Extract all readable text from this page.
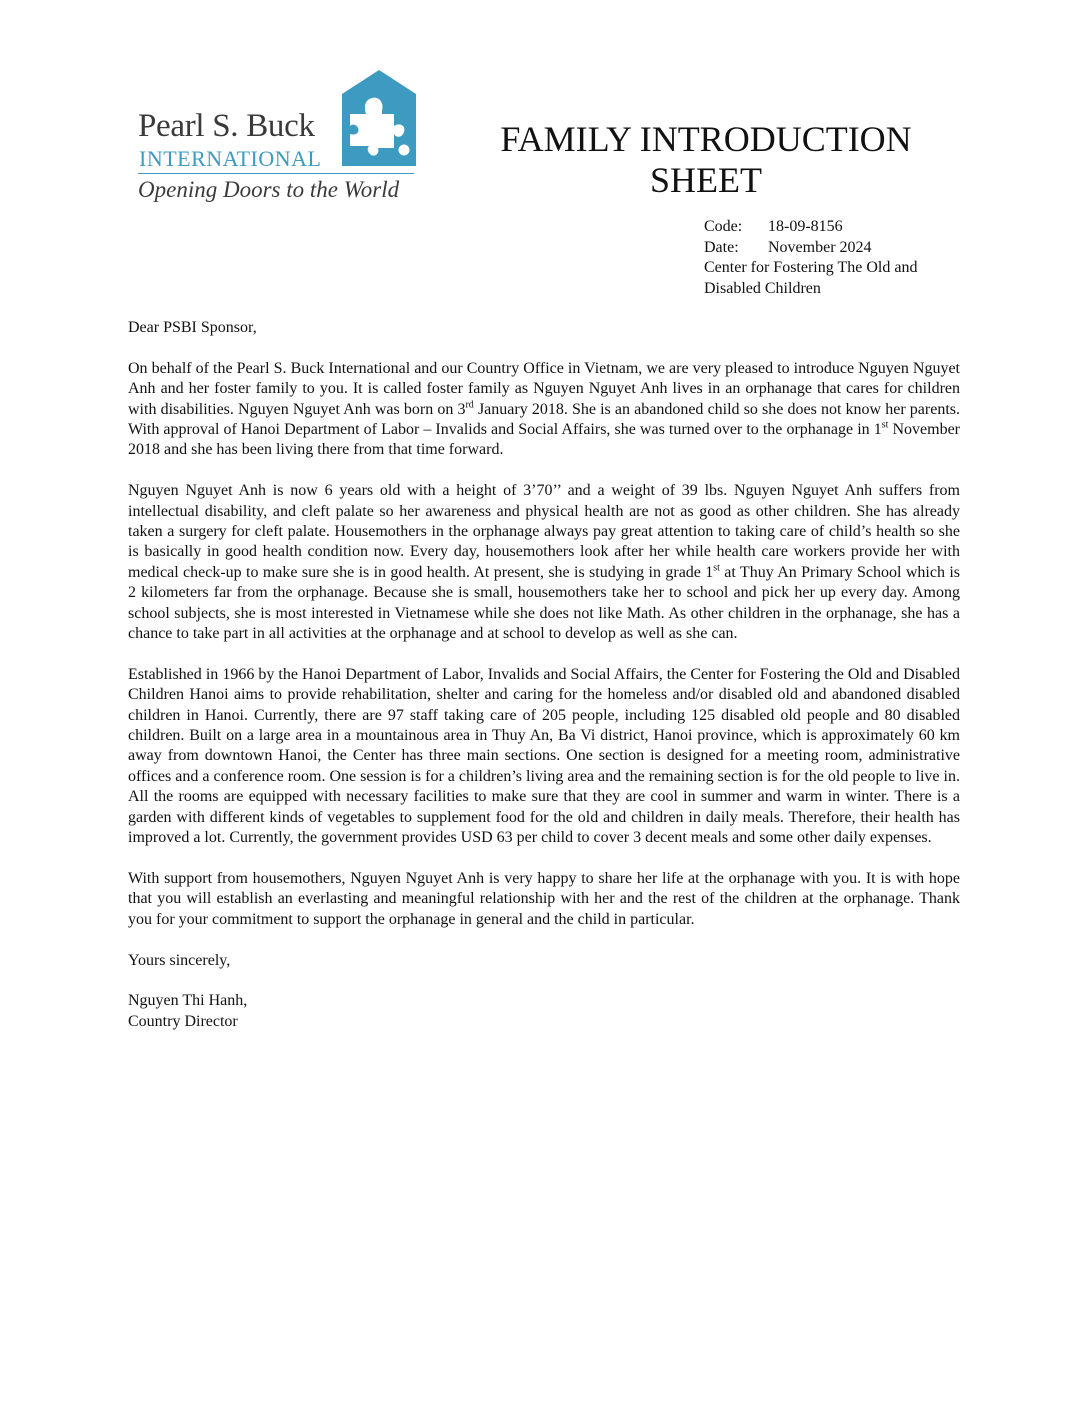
Pearl S. Buck
INTERNATIONAL
Opening Doors to the World
FAMILY INTRODUCTION
SHEET
Code: 18-09-8156
Date: November 2024
Center for Fostering The Old and
Disabled Children

Dear PSBI Sponsor,

On behalf of the Pearl S. Buck International and our Country Office in Vietnam, we are very pleased to introduce Nguyen Nguyet Anh and her foster family to you. It is called foster family as Nguyen Nguyet Anh lives in an orphanage that cares for children with disabilities. Nguyen Nguyet Anh was born on 3rd January 2018. She is an abandoned child so she does not know her parents. With approval of Hanoi Department of Labor – Invalids and Social Affairs, she was turned over to the orphanage in 1st November 2018 and she has been living there from that time forward.

Nguyen Nguyet Anh is now 6 years old with a height of 3’70’’ and a weight of 39 lbs. Nguyen Nguyet Anh suffers from intellectual disability, and cleft palate so her awareness and physical health are not as good as other children. She has already taken a surgery for cleft palate. Housemothers in the orphanage always pay great attention to taking care of child’s health so she is basically in good health condition now. Every day, housemothers look after her while health care workers provide her with medical check-up to make sure she is in good health. At present, she is studying in grade 1st at Thuy An Primary School which is 2 kilometers far from the orphanage. Because she is small, housemothers take her to school and pick her up every day. Among school subjects, she is most interested in Vietnamese while she does not like Math. As other children in the orphanage, she has a chance to take part in all activities at the orphanage and at school to develop as well as she can.

Established in 1966 by the Hanoi Department of Labor, Invalids and Social Affairs, the Center for Fostering the Old and Disabled Children Hanoi aims to provide rehabilitation, shelter and caring for the homeless and/or disabled old and abandoned disabled children in Hanoi. Currently, there are 97 staff taking care of 205 people, including 125 disabled old people and 80 disabled children. Built on a large area in a mountainous area in Thuy An, Ba Vi district, Hanoi province, which is approximately 60 km away from downtown Hanoi, the Center has three main sections. One section is designed for a meeting room, administrative offices and a conference room. One session is for a children’s living area and the remaining section is for the old people to live in. All the rooms are equipped with necessary facilities to make sure that they are cool in summer and warm in winter. There is a garden with different kinds of vegetables to supplement food for the old and children in daily meals. Therefore, their health has improved a lot. Currently, the government provides USD 63 per child to cover 3 decent meals and some other daily expenses.

With support from housemothers, Nguyen Nguyet Anh is very happy to share her life at the orphanage with you. It is with hope that you will establish an everlasting and meaningful relationship with her and the rest of the children at the orphanage. Thank you for your commitment to support the orphanage in general and the child in particular.

Yours sincerely,

Nguyen Thi Hanh,

Country Director
